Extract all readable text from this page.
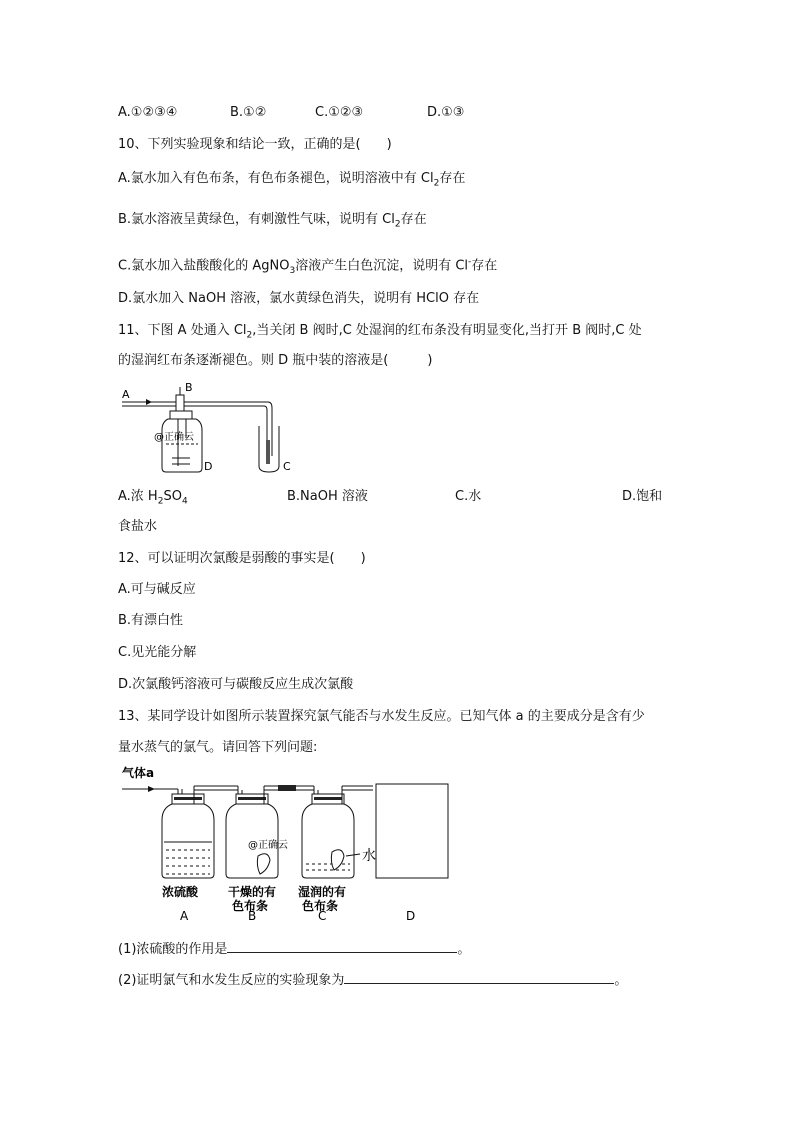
A.①②③④	B.①②	C.①②③	D.①③
10、下列实验现象和结论一致，正确的是(　　)
A.氯水加入有色布条，有色布条褪色，说明溶液中有 $Cl_2$存在
B.氯水溶液呈黄绿色，有刺激性气味，说明有 $Cl_2$存在
C.氯水加入盐酸酸化的 AgNO$_3$溶液产生白色沉淀，说明有 Cl-存在
D.氯水加入 NaOH 溶液，氯水黄绿色消失，说明有 HClO 存在
11、下图 A 处通入 $Cl_2$,当关闭 B 阀时,C 处湿润的红布条没有明显变化,当打开 B 阀时,C 处
的湿润红布条逐渐褪色。则 D 瓶中装的溶液是(　　　)
A
B
@正确云
D	C
A.浓 $H_2SO_4$	B.NaOH 溶液	C.水	D.饱和
食盐水
12、可以证明次氯酸是弱酸的事实是(　　)
A.可与碱反应
B.有漂白性
C.见光能分解
D.次氯酸钙溶液可与碳酸反应生成次氯酸
13、某同学设计如图所示装置探究氯气能否与水发生反应。已知气体 a 的主要成分是含有少
量水蒸气的氯气。请回答下列问题:
气体a
浓硫酸
A
@正确云
干燥的有
色布条
B
水
湿润的有
色布条
C	D
(1)浓硫酸的作用是	。
(2)证明氯气和水发生反应的实验现象为	。
